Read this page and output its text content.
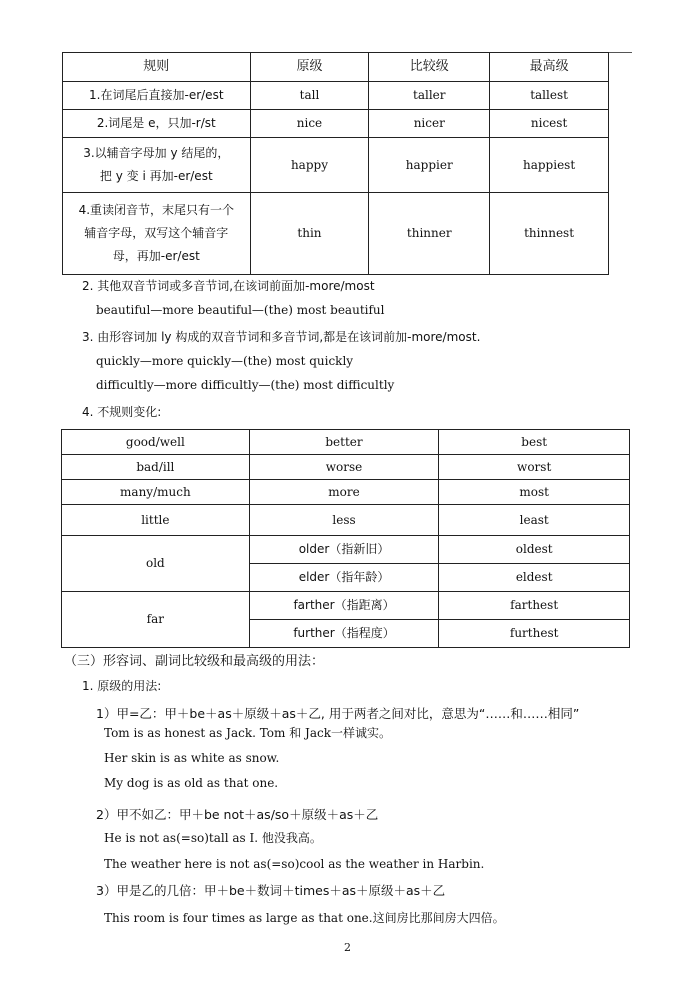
规则	原级	比较级	最高级
1.在词尾后直接加-er/est	tall	taller	tallest
2.词尾是 e，只加-r/st	nice	nicer	nicest

3.以辅音字母加 y 结尾的，
把 y 变 i 再加-er/est	happy	happier	happiest

4.重读闭音节，末尾只有一个
辅音字母，双写这个辅音字
母，再加-er/est	thin	thinner	thinnest
2. 其他双音节词或多音节词,在该词前面加-more/most
beautiful—more beautiful—(the) most beautiful
3. 由形容词加 ly 构成的双音节词和多音节词,都是在该词前加-more/most.
quickly—more quickly—(the) most quickly
difficultly—more difficultly—(the) most difficultly
4. 不规则变化:
good/well	better	best
bad/ill	worse	worst
many/much	more	most
little	less	least
old	older（指新旧）	oldest
	elder（指年龄）	eldest
far	farther（指距离）	farthest
	further（指程度）	furthest
（三）形容词、副词比较级和最高级的用法：
1. 原级的用法:
1）甲=乙：甲＋be＋as＋原级＋as＋乙, 用于两者之间对比，意思为“……和……相同”
Tom is as honest as Jack. Tom 和 Jack一样诚实。
Her skin is as white as snow.
My dog is as old as that one.
2）甲不如乙：甲＋be not＋as/so＋原级＋as＋乙
He is not as(=so)tall as I. 他没我高。
The weather here is not as(=so)cool as the weather in Harbin.
3）甲是乙的几倍：甲＋be＋数词＋times＋as＋原级＋as＋乙
This room is four times as large as that one.这间房比那间房大四倍。
2
